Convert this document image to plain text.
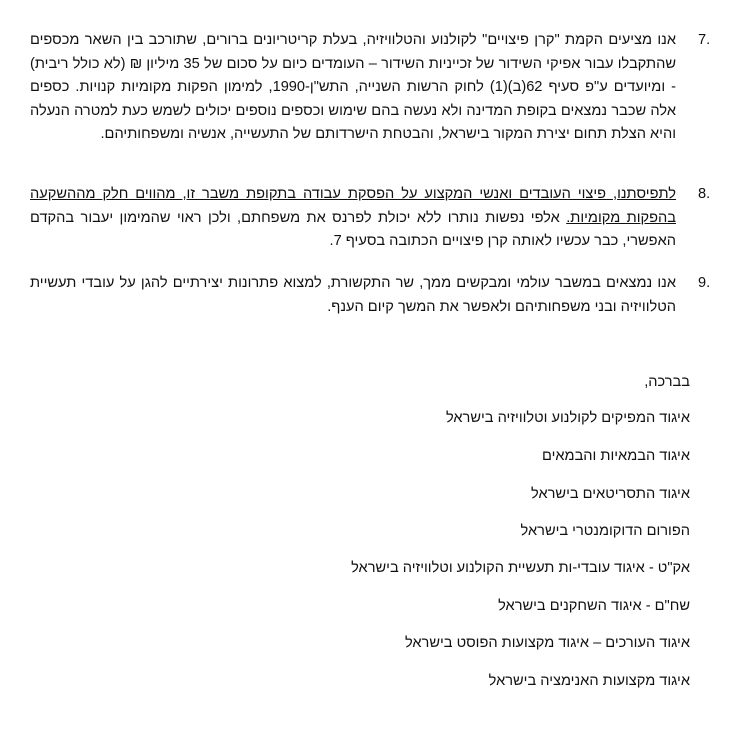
7.
אנו מציעים הקמת "קרן פיצויים" לקולנוע והטלוויזיה, בעלת קריטריונים ברורים, שתורכב בין השאר מכספים שהתקבלו עבור אפיקי השידור של זכייניות השידור – העומדים כיום על סכום של 35 מיליון ₪ (לא כולל ריבית) - ומיועדים ע"פ סעיף 62(ב)(1) לחוק הרשות השנייה, התש"ן-1990, למימון הפקות מקומיות קנויות. כספים אלה שכבר נמצאים בקופת המדינה ולא נעשה בהם שימוש וכספים נוספים יכולים לשמש כעת למטרה הנעלה והיא הצלת תחום יצירת המקור בישראל, והבטחת הישרדותם של התעשייה, אנשיה ומשפחותיהם.
8.
לתפיסתנו, פיצוי העובדים ואנשי המקצוע על הפסקת עבודה בתקופת משבר זו, מהווים חלק מההשקעה בהפקות מקומיות. אלפי נפשות נותרו ללא יכולת לפרנס את משפחתם, ולכן ראוי שהמימון יעבור בהקדם האפשרי, כבר עכשיו לאותה קרן פיצויים הכתובה בסעיף 7.
9.
אנו נמצאים במשבר עולמי ומבקשים ממך, שר התקשורת, למצוא פתרונות יצירתיים להגן על עובדי תעשיית הטלוויזיה ובני משפחותיהם ולאפשר את המשך קיום הענף.
בברכה,
איגוד המפיקים לקולנוע וטלוויזיה בישראל
איגוד הבמאיות והבמאים
איגוד התסריטאים בישראל
הפורום הדוקומנטרי בישראל
אק"ט - איגוד עובדי-ות תעשיית הקולנוע וטלוויזיה בישראל
שח"ם - איגוד השחקנים בישראל
איגוד העורכים – איגוד מקצועות הפוסט בישראל
איגוד מקצועות האנימציה בישראל
